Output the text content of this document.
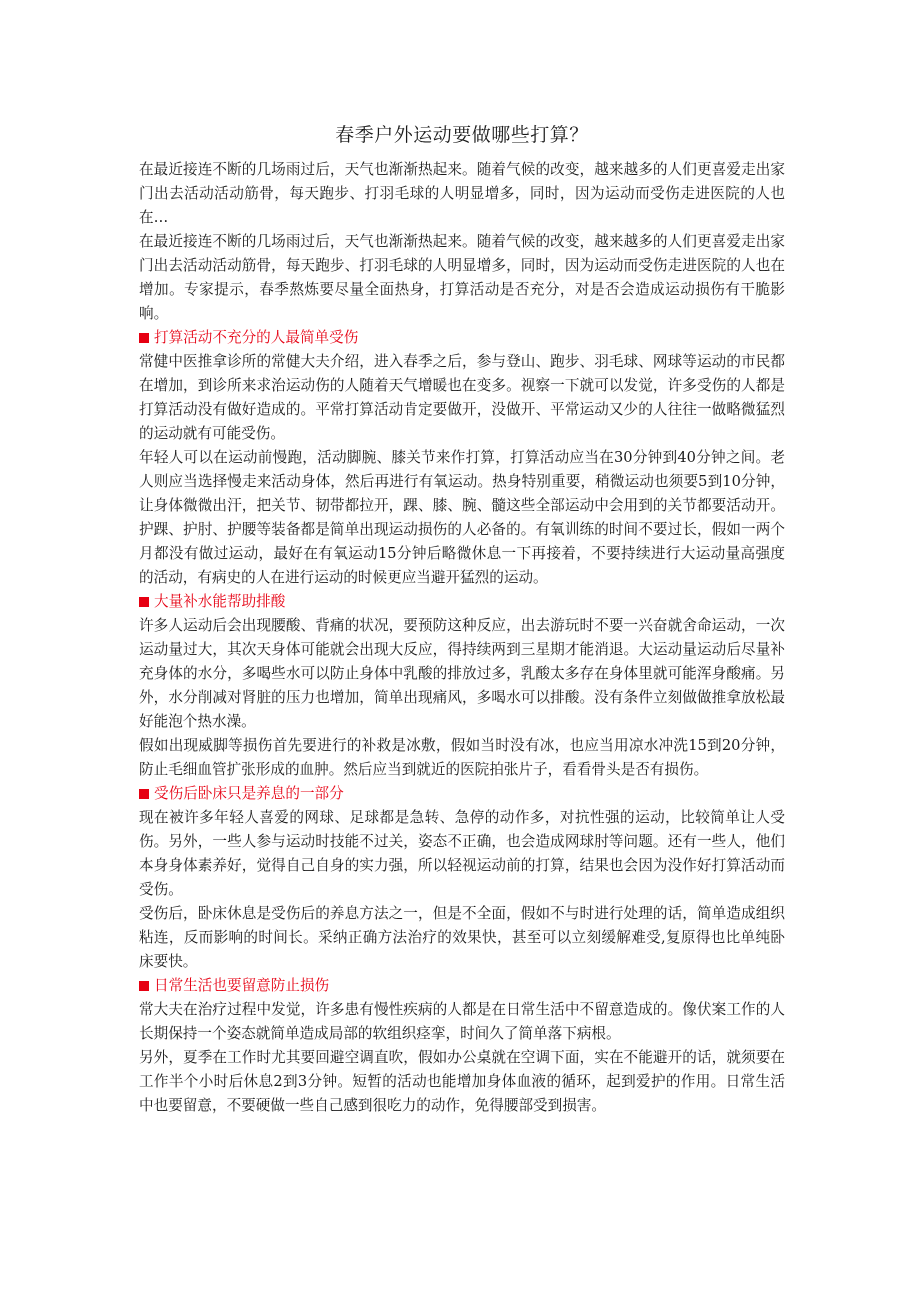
春季户外运动要做哪些打算？

在最近接连不断的几场雨过后，天气也渐渐热起来。随着气候的改变，越来越多的人们更喜爱走出家门出去活动活动筋骨，每天跑步、打羽毛球的人明显增多，同时，因为运动而受伤走进医院的人也在…

在最近接连不断的几场雨过后，天气也渐渐热起来。随着气候的改变，越来越多的人们更喜爱走出家门出去活动活动筋骨，每天跑步、打羽毛球的人明显增多，同时，因为运动而受伤走进医院的人也在增加。专家提示，春季熬炼要尽量全面热身，打算活动是否充分，对是否会造成运动损伤有干脆影响。

打算活动不充分的人最简单受伤

常健中医推拿诊所的常健大夫介绍，进入春季之后，参与登山、跑步、羽毛球、网球等运动的市民都在增加，到诊所来求治运动伤的人随着天气增暖也在变多。视察一下就可以发觉，许多受伤的人都是打算活动没有做好造成的。平常打算活动肯定要做开，没做开、平常运动又少的人往往一做略微猛烈的运动就有可能受伤。

年轻人可以在运动前慢跑，活动脚腕、膝关节来作打算，打算活动应当在30分钟到40分钟之间。老人则应当选择慢走来活动身体，然后再进行有氧运动。热身特别重要，稍微运动也须要5到10分钟，让身体微微出汗，把关节、韧带都拉开，踝、膝、腕、髓这些全部运动中会用到的关节都要活动开。护踝、护肘、护腰等装备都是简单出现运动损伤的人必备的。有氧训练的时间不要过长，假如一两个月都没有做过运动，最好在有氧运动15分钟后略微休息一下再接着，不要持续进行大运动量高强度的活动，有病史的人在进行运动的时候更应当避开猛烈的运动。

大量补水能帮助排酸

许多人运动后会出现腰酸、背痛的状况，要预防这种反应，出去游玩时不要一兴奋就舍命运动，一次运动量过大，其次天身体可能就会出现大反应，得持续两到三星期才能消退。大运动量运动后尽量补充身体的水分，多喝些水可以防止身体中乳酸的排放过多，乳酸太多存在身体里就可能浑身酸痛。另外，水分削减对肾脏的压力也增加，简单出现痛风，多喝水可以排酸。没有条件立刻做做推拿放松最好能泡个热水澡。

假如出现威脚等损伤首先要进行的补救是冰敷，假如当时没有冰，也应当用凉水冲洗15到20分钟，防止毛细血管扩张形成的血肿。然后应当到就近的医院拍张片子，看看骨头是否有损伤。

受伤后卧床只是养息的一部分

现在被许多年轻人喜爱的网球、足球都是急转、急停的动作多，对抗性强的运动，比较简单让人受伤。另外，一些人参与运动时技能不过关，姿态不正确，也会造成网球肘等问题。还有一些人，他们本身身体素养好，觉得自己自身的实力强，所以轻视运动前的打算，结果也会因为没作好打算活动而受伤。

受伤后，卧床休息是受伤后的养息方法之一，但是不全面，假如不与时进行处理的话，简单造成组织粘连，反而影响的时间长。采纳正确方法治疗的效果快，甚至可以立刻缓解难受,复原得也比单纯卧床要快。

日常生活也要留意防止损伤

常大夫在治疗过程中发觉，许多患有慢性疾病的人都是在日常生活中不留意造成的。像伏案工作的人长期保持一个姿态就简单造成局部的软组织痉挛，时间久了简单落下病根。

另外，夏季在工作时尤其要回避空调直吹，假如办公桌就在空调下面，实在不能避开的话，就须要在工作半个小时后休息2到3分钟。短暂的活动也能增加身体血液的循环，起到爱护的作用。日常生活中也要留意，不要硬做一些自己感到很吃力的动作，免得腰部受到损害。
